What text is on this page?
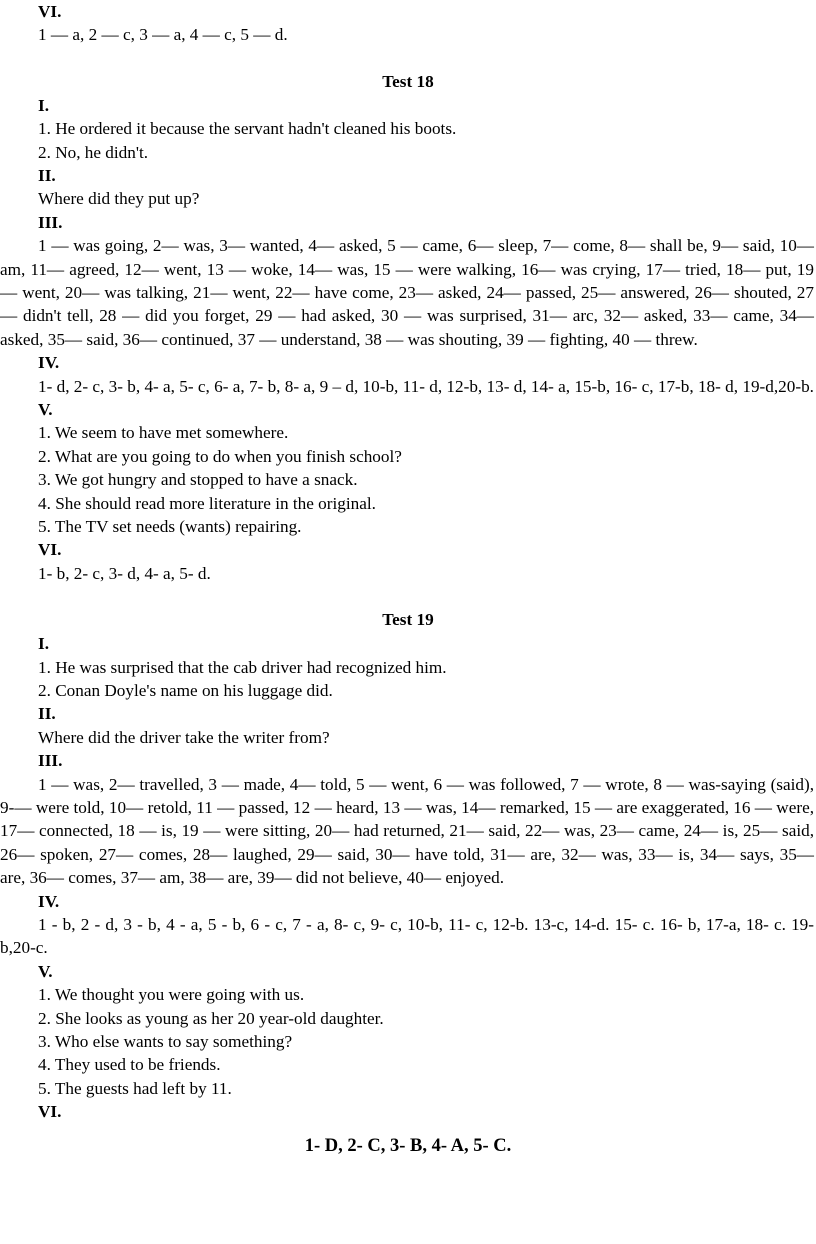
VI.

1 — a, 2 — c, 3 — a, 4 — c, 5 — d.

Test 18

I.

1. He ordered it because the servant hadn't cleaned his boots.

2. No, he didn't.

II.

Where did they put up?

III.

1 — was going, 2— was, 3— wanted, 4— asked, 5 — came, 6— sleep, 7— come, 8— shall be, 9— said, 10— am, 11— agreed, 12— went, 13 — woke, 14— was, 15 — were walking, 16— was crying, 17— tried, 18— put, 19— went, 20— was talking, 21— went, 22— have come, 23— asked, 24— passed, 25— answered, 26— shouted, 27— didn't tell, 28 — did you forget, 29 — had asked, 30 — was surprised, 31— arc, 32— asked, 33— came, 34— asked, 35— said, 36— continued, 37 — understand, 38 — was shouting, 39 — fighting, 40 — threw.

IV.

1- d, 2- c, 3- b, 4- a, 5- c, 6- a, 7- b, 8- a, 9 – d, 10-b, 11- d, 12-b, 13- d, 14- a, 15-b, 16- c, 17-b, 18- d, 19-d,20-b.

V.

1. We seem to have met somewhere.

2. What are you going to do when you finish school?

3. We got hungry and stopped to have a snack.

4. She should read more literature in the original.

5. The TV set needs (wants) repairing.

VI.

1- b, 2- c, 3- d, 4- a, 5- d.

Test 19

I.

1. He was surprised that the cab driver had recognized him.

2. Conan Doyle's name on his luggage did.

II.

Where did the driver take the writer from?

III.

1 — was, 2— travelled, 3 — made, 4— told, 5 — went, 6 — was followed, 7 — wrote, 8 — was-saying (said), 9-— were told, 10— retold, 11 — passed, 12 — heard, 13 — was, 14— remarked, 15 — are exaggerated, 16 — were, 17— connected, 18 — is, 19 — were sitting, 20— had returned, 21— said, 22— was, 23— came, 24— is, 25— said, 26— spoken, 27— comes, 28— laughed, 29— said, 30— have told, 31— are, 32— was, 33— is, 34— says, 35— are, 36— comes, 37— am, 38— are, 39— did not believe, 40— enjoyed.

IV.

1 - b, 2 - d, 3 - b, 4 - a, 5 - b, 6 - c, 7 - a, 8- c, 9- c, 10-b, 11- c, 12-b. 13-c, 14-d. 15- c. 16- b, 17-a, 18- c. 19-b,20-c.

V.

1. We thought you were going with us.

2. She looks as young as her 20 year-old daughter.

3. Who else wants to say something?

4. They used to be friends.

5. The guests had left by 11.

VI.

1- D, 2- C, 3- B, 4- A, 5- C.
